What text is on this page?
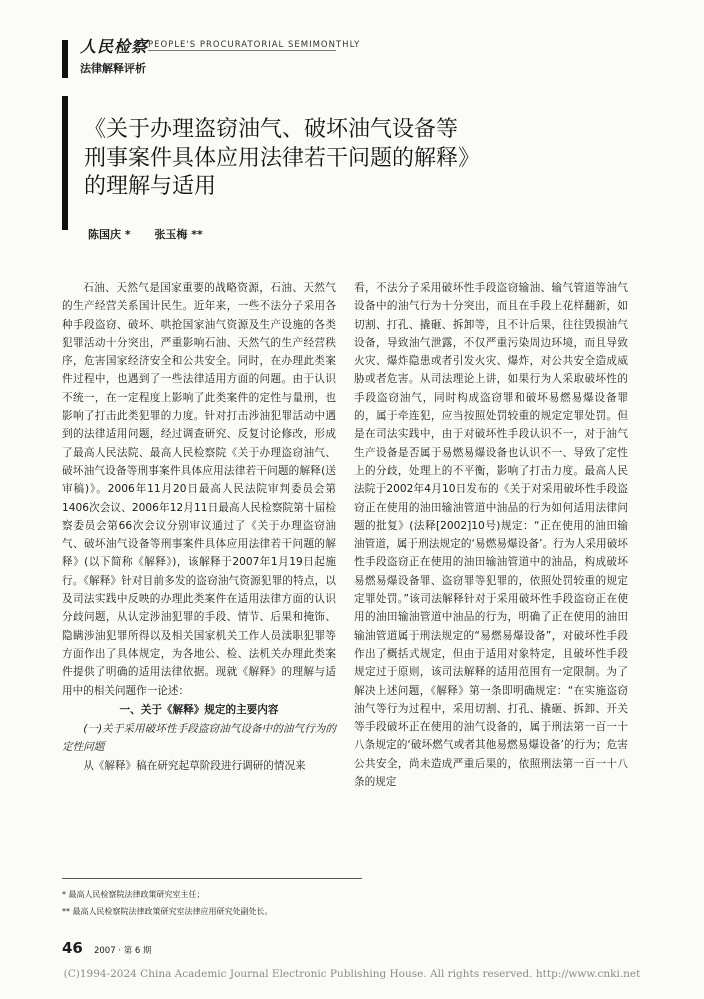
人民检察 PEOPLE'S PROCURATORIAL SEMIMONTHLY
法律解释评析
《关于办理盗窃油气、破坏油气设备等
刑事案件具体应用法律若干问题的解释》
的理解与适用
陈国庆 * 张玉梅 **

石油、天然气是国家重要的战略资源，石油、天然气的生产经营关系国计民生。近年来，一些不法分子采用各种手段盗窃、破坏、哄抢国家油气资源及生产设施的各类犯罪活动十分突出，严重影响石油、天然气的生产经营秩序，危害国家经济安全和公共安全。同时，在办理此类案件过程中，也遇到了一些法律适用方面的问题。由于认识不统一，在一定程度上影响了此类案件的定性与量刑，也影响了打击此类犯罪的力度。针对打击涉油犯罪活动中遇到的法律适用问题，经过调查研究、反复讨论修改，形成了最高人民法院、最高人民检察院《关于办理盗窃油气、破坏油气设备等刑事案件具体应用法律若干问题的解释(送审稿)》。2006年11月20日最高人民法院审判委员会第1406次会议、2006年12月11日最高人民检察院第十届检察委员会第66次会议分别审议通过了《关于办理盗窃油气、破坏油气设备等刑事案件具体应用法律若干问题的解释》(以下简称《解释》)，该解释于2007年1月19日起施行。《解释》针对目前多发的盗窃油气资源犯罪的特点，以及司法实践中反映的办理此类案件在适用法律方面的认识分歧问题，从认定涉油犯罪的手段、情节、后果和掩饰、隐瞒涉油犯罪所得以及相关国家机关工作人员渎职犯罪等方面作出了具体规定，为各地公、检、法机关办理此类案件提供了明确的适用法律依据。现就《解释》的理解与适用中的相关问题作一论述：

一、关于《解释》规定的主要内容

(一)关于采用破坏性手段盗窃油气设备中的油气行为的定性问题

从《解释》稿在研究起草阶段进行调研的情况来

看，不法分子采用破坏性手段盗窃输油、输气管道等油气设备中的油气行为十分突出，而且在手段上花样翻新，如切割、打孔、撬砸、拆卸等，且不计后果，往往毁损油气设备，导致油气泄露，不仅严重污染周边环境，而且导致火灾、爆炸隐患或者引发火灾、爆炸，对公共安全造成威胁或者危害。从司法理论上讲，如果行为人采取破坏性的手段盗窃油气，同时构成盗窃罪和破坏易燃易爆设备罪的，属于牵连犯，应当按照处罚较重的规定定罪处罚。但是在司法实践中，由于对破坏性手段认识不一，对于油气生产设备是否属于易燃易爆设备也认识不一、导致了定性上的分歧，处理上的不平衡，影响了打击力度。最高人民法院于2002年4月10日发布的《关于对采用破坏性手段盗窃正在使用的油田输油管道中油品的行为如何适用法律问题的批复》(法释[2002]10号)规定：“正在使用的油田输油管道，属于刑法规定的‘易燃易爆设备’。行为人采用破坏性手段盗窃正在使用的油田输油管道中的油品，构成破坏易燃易爆设备罪、盗窃罪等犯罪的，依照处罚较重的规定定罪处罚。”该司法解释针对于采用破坏性手段盗窃正在使用的油田输油管道中油品的行为，明确了正在使用的油田输油管道属于刑法规定的“易燃易爆设备”，对破坏性手段作出了概括式规定，但由于适用对象特定，且破坏性手段规定过于原则，该司法解释的适用范围有一定限制。为了解决上述问题，《解释》第一条即明确规定：“在实施盗窃油气等行为过程中，采用切割、打孔、撬砸、拆卸、开关等手段破坏正在使用的油气设备的，属于刑法第一百一十八条规定的‘破坏燃气或者其他易燃易爆设备’的行为；危害公共安全，尚未造成严重后果的，依照刑法第一百一十八条的规定

* 最高人民检察院法律政策研究室主任；

** 最高人民检察院法律政策研究室法律应用研究处副处长。

46 2007 · 第 6 期
(C)1994-2024 China Academic Journal Electronic Publishing House. All rights reserved. http://www.cnki.net
